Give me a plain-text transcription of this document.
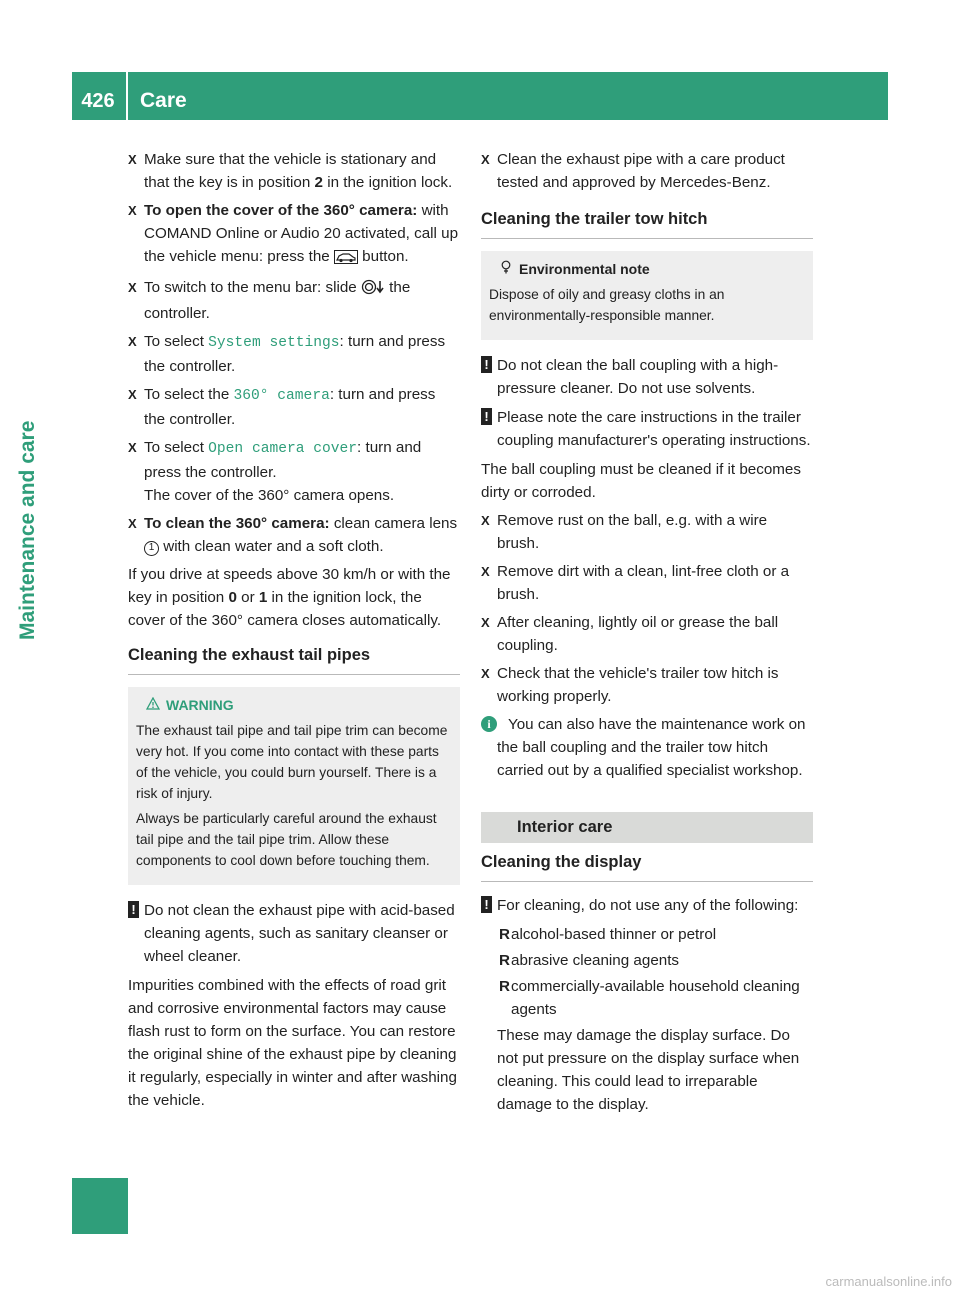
426	Care
Maintenance and care
X Make sure that the vehicle is stationary and that the key is in position 2 in the ignition lock.
X To open the cover of the 360° camera: with COMAND Online or Audio 20 activated, call up the vehicle menu: press the  button.
X To switch to the menu bar: slide  the controller.
X To select System settings: turn and press the controller.
X To select the 360° camera: turn and press the controller.
X To select Open camera cover: turn and press the controller.
The cover of the 360° camera opens.
X To clean the 360° camera: clean camera lens 1 with clean water and a soft cloth.

If you drive at speeds above 30 km/h or with the key in position 0 or 1 in the ignition lock, the cover of the 360° camera closes automatically.

Cleaning the exhaust tail pipes
WARNING

The exhaust tail pipe and tail pipe trim can become very hot. If you come into contact with these parts of the vehicle, you could burn yourself. There is a risk of injury.

Always be particularly careful around the exhaust tail pipe and the tail pipe trim. Allow these components to cool down before touching them.

! Do not clean the exhaust pipe with acid-based cleaning agents, such as sanitary cleanser or wheel cleaner.

Impurities combined with the effects of road grit and corrosive environmental factors may cause flash rust to form on the surface. You can restore the original shine of the exhaust pipe by cleaning it regularly, especially in winter and after washing the vehicle.

X Clean the exhaust pipe with a care product tested and approved by Mercedes-Benz.
Cleaning the trailer tow hitch
Environmental note

Dispose of oily and greasy cloths in an environmentally-responsible manner.

! Do not clean the ball coupling with a high-pressure cleaner. Do not use solvents.
! Please note the care instructions in the trailer coupling manufacturer's operating instructions.

The ball coupling must be cleaned if it becomes dirty or corroded.

X Remove rust on the ball, e.g. with a wire brush.
X Remove dirt with a clean, lint-free cloth or a brush.
X After cleaning, lightly oil or grease the ball coupling.
X Check that the vehicle's trailer tow hitch is working properly.
i	You can also have the maintenance work on the ball coupling and the trailer tow hitch carried out by a qualified specialist workshop.
Interior care
Cleaning the display
! For cleaning, do not use any of the following:
R alcohol-based thinner or petrol
R abrasive cleaning agents
R commercially-available household cleaning agents

These may damage the display surface. Do not put pressure on the display surface when cleaning. This could lead to irreparable damage to the display.

carmanualsonline.info
